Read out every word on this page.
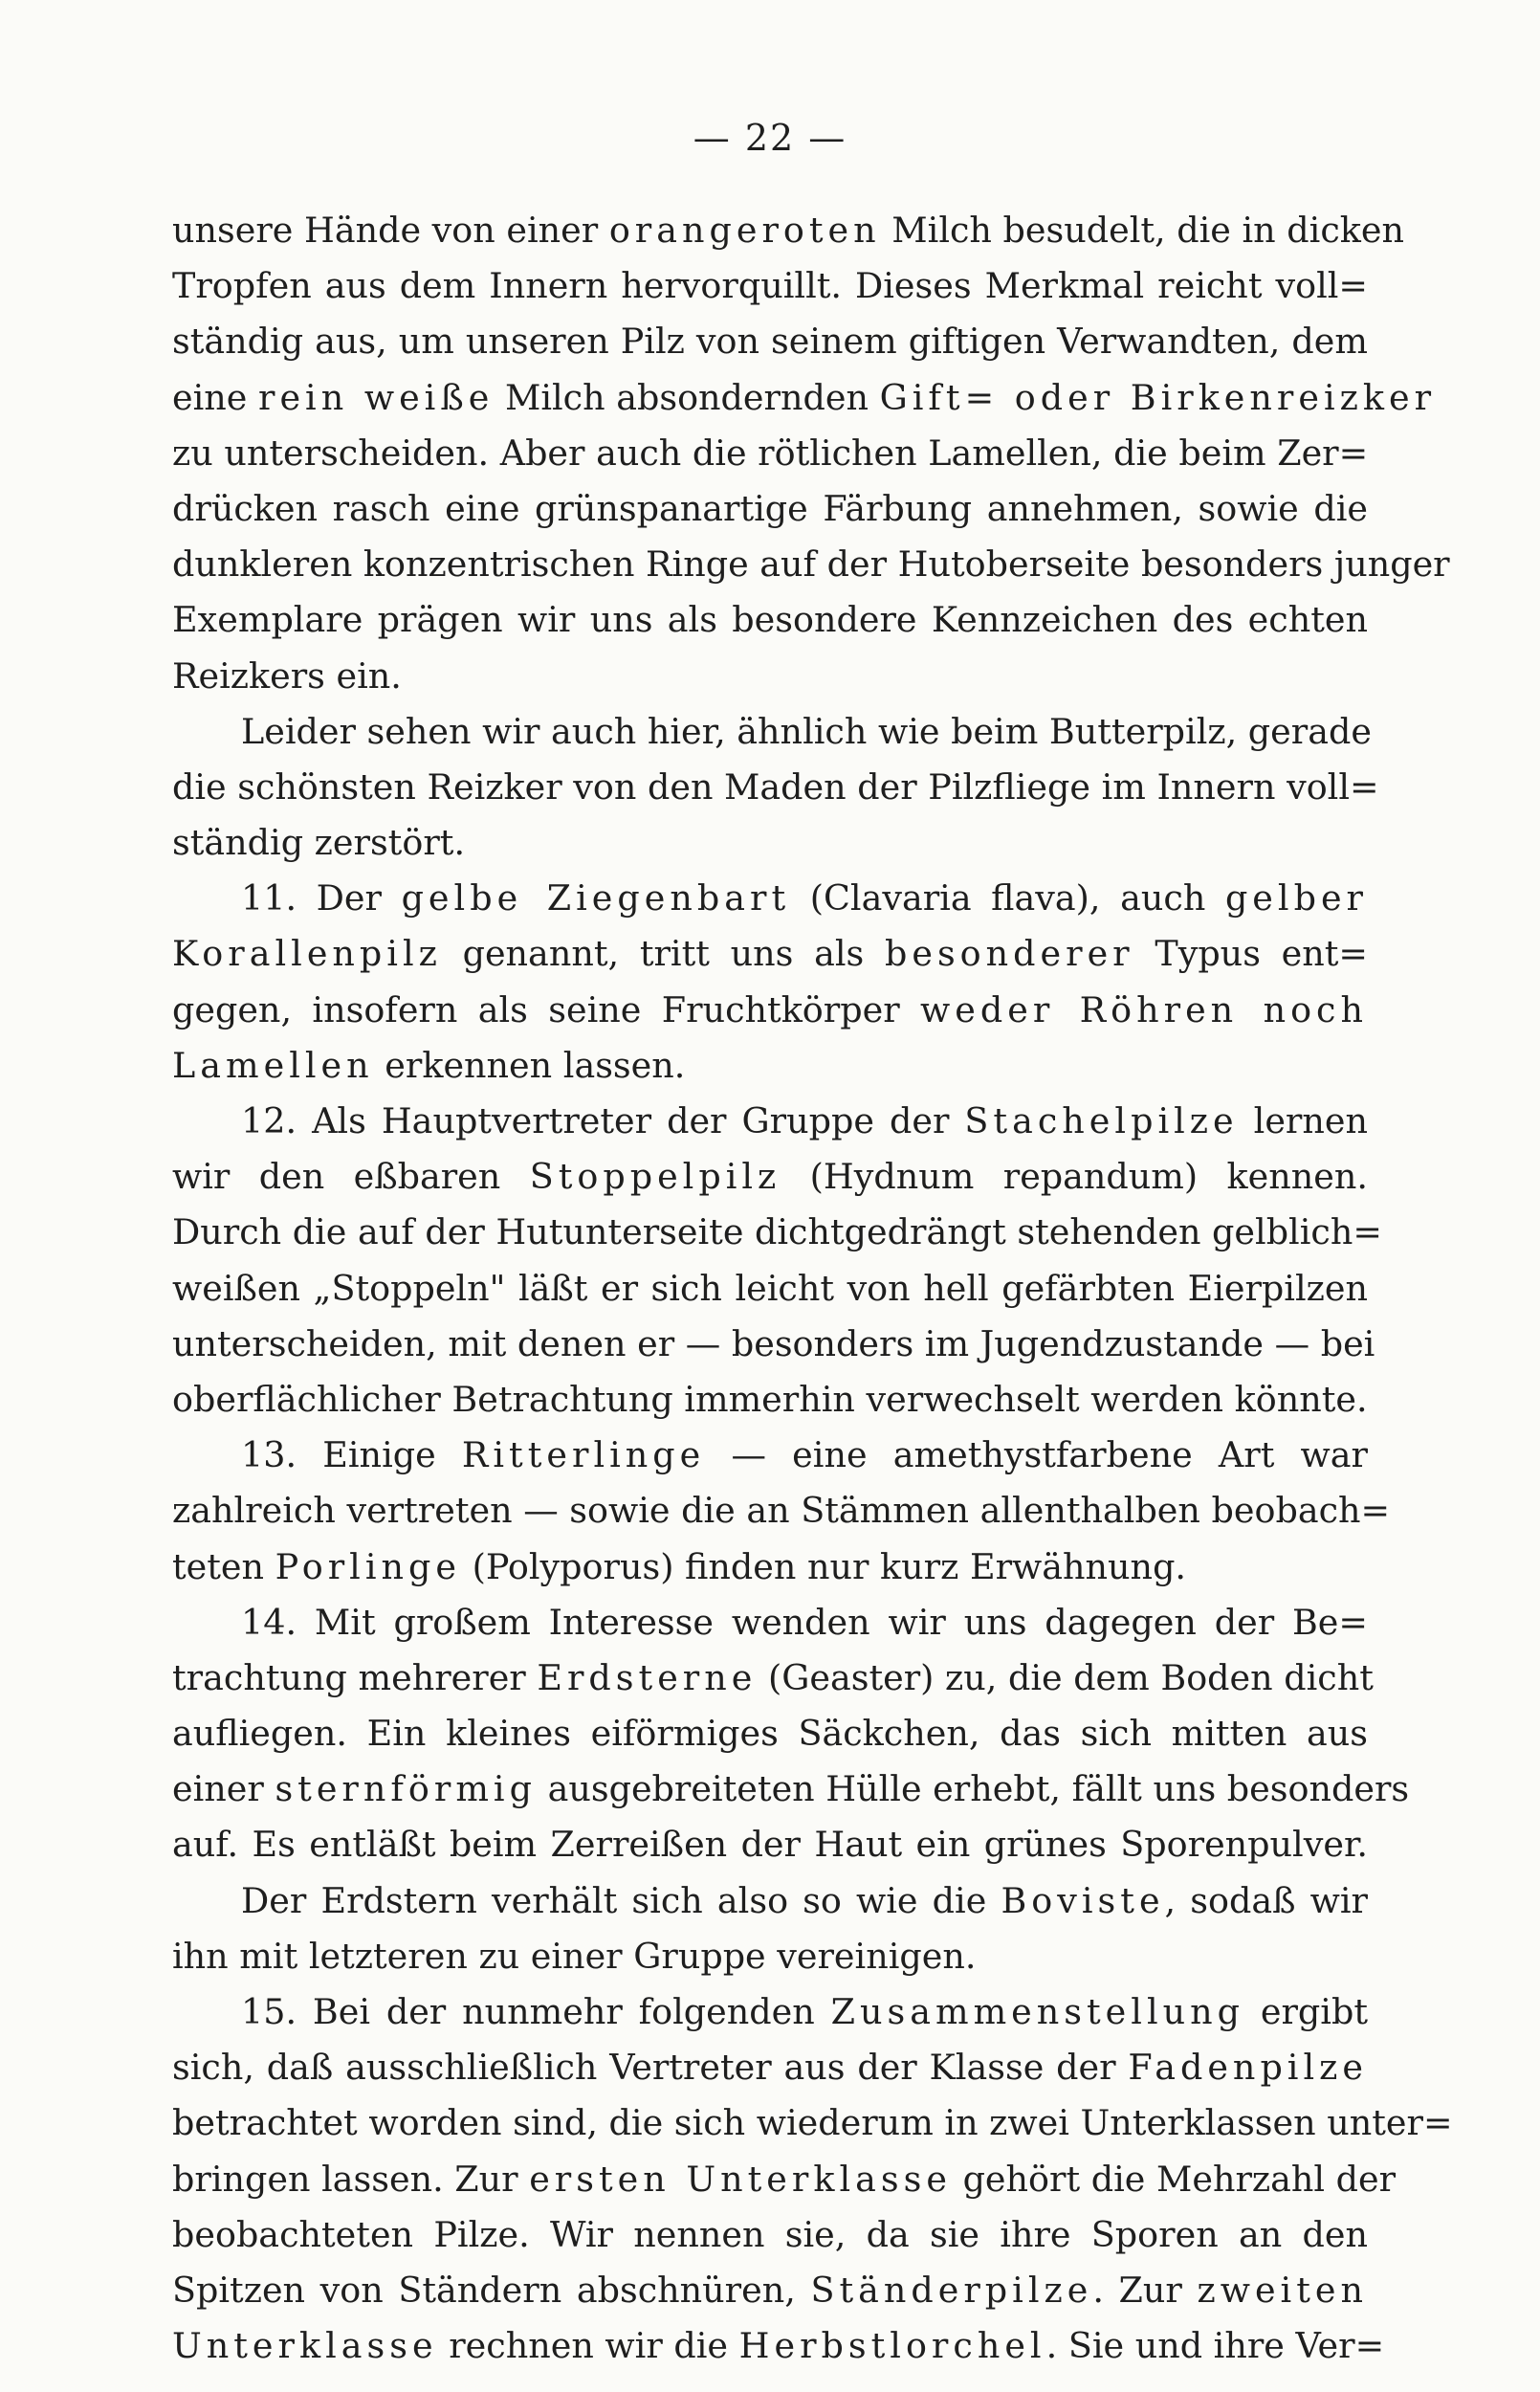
— 22 —
unsere Hände von einer orangeroten Milch besudelt, die in dicken
Tropfen aus dem Innern hervorquillt. Dieses Merkmal reicht voll=
ständig aus, um unseren Pilz von seinem giftigen Verwandten, dem
eine rein weiße Milch absondernden Gift= oder Birkenreizker
zu unterscheiden. Aber auch die rötlichen Lamellen, die beim Zer=
drücken rasch eine grünspanartige Färbung annehmen, sowie die
dunkleren konzentrischen Ringe auf der Hutoberseite besonders junger
Exemplare prägen wir uns als besondere Kennzeichen des echten
Reizkers ein.
Leider sehen wir auch hier, ähnlich wie beim Butterpilz, gerade
die schönsten Reizker von den Maden der Pilzfliege im Innern voll=
ständig zerstört.
11. Der gelbe Ziegenbart (Clavaria flava), auch gelber
Korallenpilz genannt, tritt uns als besonderer Typus ent=
gegen, insofern als seine Fruchtkörper weder Röhren noch
Lamellen erkennen lassen.
12. Als Hauptvertreter der Gruppe der Stachelpilze lernen
wir den eßbaren Stoppelpilz (Hydnum repandum) kennen.
Durch die auf der Hutunterseite dichtgedrängt stehenden gelblich=
weißen „Stoppeln" läßt er sich leicht von hell gefärbten Eierpilzen
unterscheiden, mit denen er — besonders im Jugendzustande — bei
oberflächlicher Betrachtung immerhin verwechselt werden könnte.
13. Einige Ritterlinge — eine amethystfarbene Art war
zahlreich vertreten — sowie die an Stämmen allenthalben beobach=
teten Porlinge (Polyporus) finden nur kurz Erwähnung.
14. Mit großem Interesse wenden wir uns dagegen der Be=
trachtung mehrerer Erdsterne (Geaster) zu, die dem Boden dicht
aufliegen. Ein kleines eiförmiges Säckchen, das sich mitten aus
einer sternförmig ausgebreiteten Hülle erhebt, fällt uns besonders
auf. Es entläßt beim Zerreißen der Haut ein grünes Sporenpulver.
Der Erdstern verhält sich also so wie die Boviste, sodaß wir
ihn mit letzteren zu einer Gruppe vereinigen.
15. Bei der nunmehr folgenden Zusammenstellung ergibt
sich, daß ausschließlich Vertreter aus der Klasse der Fadenpilze
betrachtet worden sind, die sich wiederum in zwei Unterklassen unter=
bringen lassen. Zur ersten Unterklasse gehört die Mehrzahl der
beobachteten Pilze. Wir nennen sie, da sie ihre Sporen an den
Spitzen von Ständern abschnüren, Ständerpilze. Zur zweiten
Unterklasse rechnen wir die Herbstlorchel. Sie und ihre Ver=
